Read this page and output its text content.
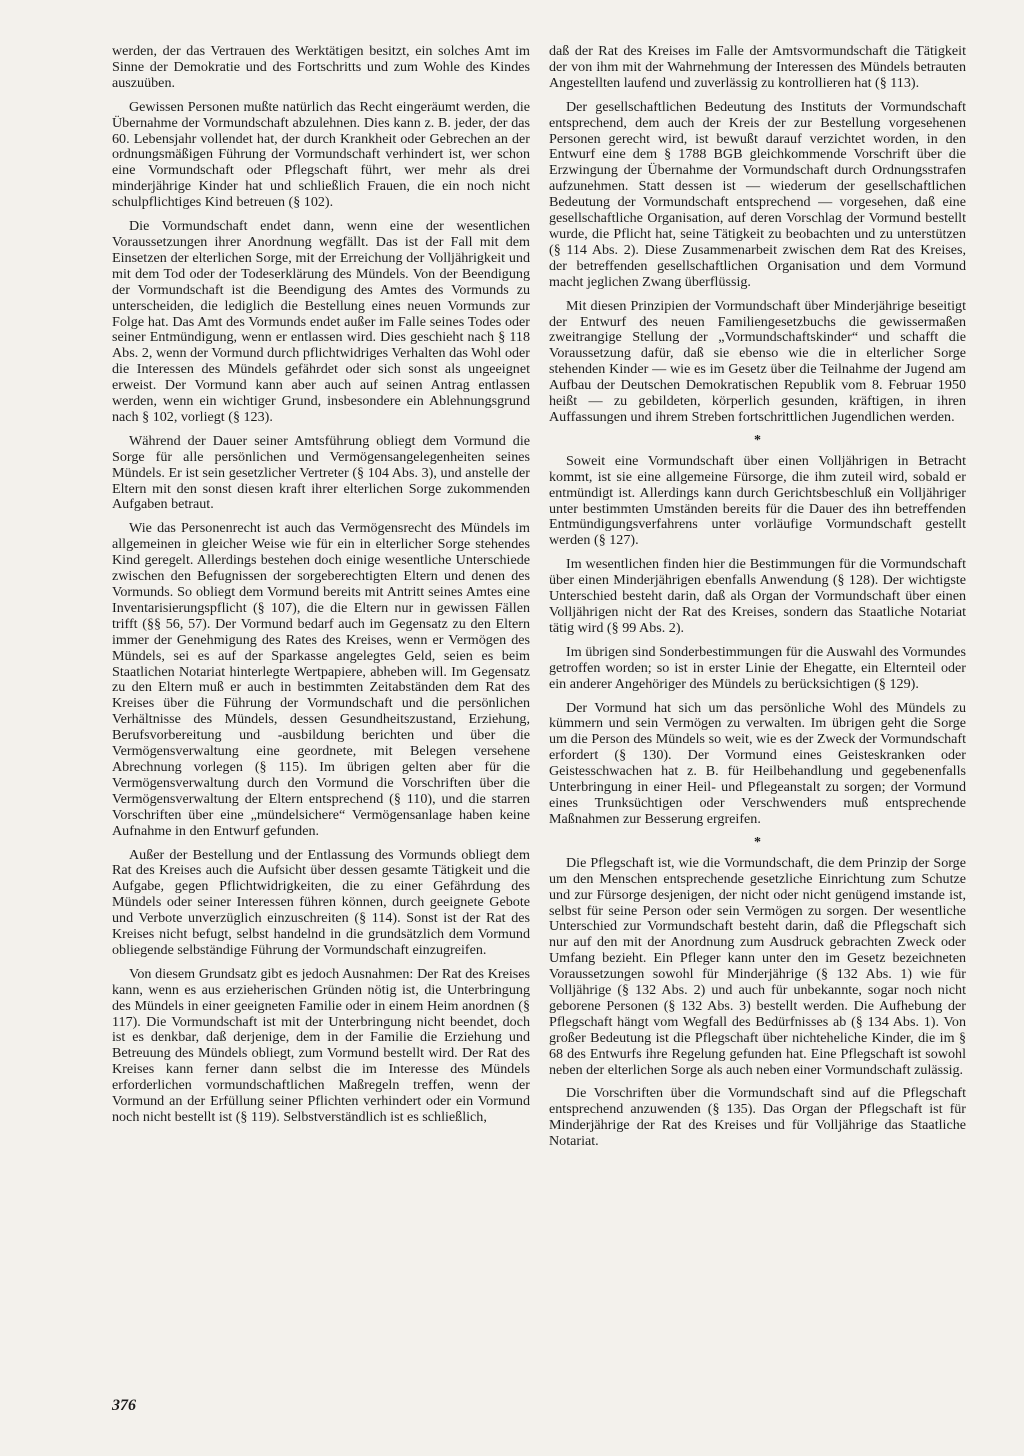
werden, der das Vertrauen des Werktätigen besitzt, ein solches Amt im Sinne der Demokratie und des Fortschritts und zum Wohle des Kindes auszuüben.

Gewissen Personen mußte natürlich das Recht eingeräumt werden, die Übernahme der Vormundschaft abzulehnen. Dies kann z. B. jeder, der das 60. Lebensjahr vollendet hat, der durch Krankheit oder Gebrechen an der ordnungsmäßigen Führung der Vormundschaft verhindert ist, wer schon eine Vormundschaft oder Pflegschaft führt, wer mehr als drei minderjährige Kinder hat und schließlich Frauen, die ein noch nicht schulpflichtiges Kind betreuen (§ 102).

Die Vormundschaft endet dann, wenn eine der wesentlichen Voraussetzungen ihrer Anordnung wegfällt. Das ist der Fall mit dem Einsetzen der elterlichen Sorge, mit der Erreichung der Volljährigkeit und mit dem Tod oder der Todeserklärung des Mündels. Von der Beendigung der Vormundschaft ist die Beendigung des Amtes des Vormunds zu unterscheiden, die lediglich die Bestellung eines neuen Vormunds zur Folge hat. Das Amt des Vormunds endet außer im Falle seines Todes oder seiner Entmündigung, wenn er entlassen wird. Dies geschieht nach § 118 Abs. 2, wenn der Vormund durch pflichtwidriges Verhalten das Wohl oder die Interessen des Mündels gefährdet oder sich sonst als ungeeignet erweist. Der Vormund kann aber auch auf seinen Antrag entlassen werden, wenn ein wichtiger Grund, insbesondere ein Ablehnungsgrund nach § 102, vorliegt (§ 123).

Während der Dauer seiner Amtsführung obliegt dem Vormund die Sorge für alle persönlichen und Vermögensangelegenheiten seines Mündels. Er ist sein gesetzlicher Vertreter (§ 104 Abs. 3), und anstelle der Eltern mit den sonst diesen kraft ihrer elterlichen Sorge zukommenden Aufgaben betraut.

Wie das Personenrecht ist auch das Vermögensrecht des Mündels im allgemeinen in gleicher Weise wie für ein in elterlicher Sorge stehendes Kind geregelt. Allerdings bestehen doch einige wesentliche Unterschiede zwischen den Befugnissen der sorgeberechtigten Eltern und denen des Vormunds. So obliegt dem Vormund bereits mit Antritt seines Amtes eine Inventarisierungspflicht (§ 107), die die Eltern nur in gewissen Fällen trifft (§§ 56, 57). Der Vormund bedarf auch im Gegensatz zu den Eltern immer der Genehmigung des Rates des Kreises, wenn er Vermögen des Mündels, sei es auf der Sparkasse angelegtes Geld, seien es beim Staatlichen Notariat hinterlegte Wertpapiere, abheben will. Im Gegensatz zu den Eltern muß er auch in bestimmten Zeitabständen dem Rat des Kreises über die Führung der Vormundschaft und die persönlichen Verhältnisse des Mündels, dessen Gesundheitszustand, Erziehung, Berufsvorbereitung und -ausbildung berichten und über die Vermögensverwaltung eine geordnete, mit Belegen versehene Abrechnung vorlegen (§ 115). Im übrigen gelten aber für die Vermögensverwaltung durch den Vormund die Vorschriften über die Vermögensverwaltung der Eltern entsprechend (§ 110), und die starren Vorschriften über eine „mündelsichere“ Vermögensanlage haben keine Aufnahme in den Entwurf gefunden.

Außer der Bestellung und der Entlassung des Vormunds obliegt dem Rat des Kreises auch die Aufsicht über dessen gesamte Tätigkeit und die Aufgabe, gegen Pflichtwidrigkeiten, die zu einer Gefährdung des Mündels oder seiner Interessen führen können, durch geeignete Gebote und Verbote unverzüglich einzuschreiten (§ 114). Sonst ist der Rat des Kreises nicht befugt, selbst handelnd in die grundsätzlich dem Vormund obliegende selbständige Führung der Vormundschaft einzugreifen.

Von diesem Grundsatz gibt es jedoch Ausnahmen: Der Rat des Kreises kann, wenn es aus erzieherischen Gründen nötig ist, die Unterbringung des Mündels in einer geeigneten Familie oder in einem Heim anordnen (§ 117). Die Vormundschaft ist mit der Unterbringung nicht beendet, doch ist es denkbar, daß derjenige, dem in der Familie die Erziehung und Betreuung des Mündels obliegt, zum Vormund bestellt wird. Der Rat des Kreises kann ferner dann selbst die im Interesse des Mündels erforderlichen vormundschaftlichen Maßregeln treffen, wenn der Vormund an der Erfüllung seiner Pflichten verhindert oder ein Vormund noch nicht bestellt ist (§ 119). Selbstverständlich ist es schließlich,

daß der Rat des Kreises im Falle der Amtsvormundschaft die Tätigkeit der von ihm mit der Wahrnehmung der Interessen des Mündels betrauten Angestellten laufend und zuverlässig zu kontrollieren hat (§ 113).

Der gesellschaftlichen Bedeutung des Instituts der Vormundschaft entsprechend, dem auch der Kreis der zur Bestellung vorgesehenen Personen gerecht wird, ist bewußt darauf verzichtet worden, in den Entwurf eine dem § 1788 BGB gleichkommende Vorschrift über die Erzwingung der Übernahme der Vormundschaft durch Ordnungsstrafen aufzunehmen. Statt dessen ist — wiederum der gesellschaftlichen Bedeutung der Vormundschaft entsprechend — vorgesehen, daß eine gesellschaftliche Organisation, auf deren Vorschlag der Vormund bestellt wurde, die Pflicht hat, seine Tätigkeit zu beobachten und zu unterstützen (§ 114 Abs. 2). Diese Zusammenarbeit zwischen dem Rat des Kreises, der betreffenden gesellschaftlichen Organisation und dem Vormund macht jeglichen Zwang überflüssig.

Mit diesen Prinzipien der Vormundschaft über Minderjährige beseitigt der Entwurf des neuen Familiengesetzbuchs die gewissermaßen zweitrangige Stellung der „Vormundschaftskinder“ und schafft die Voraussetzung dafür, daß sie ebenso wie die in elterlicher Sorge stehenden Kinder — wie es im Gesetz über die Teilnahme der Jugend am Aufbau der Deutschen Demokratischen Republik vom 8. Februar 1950 heißt — zu gebildeten, körperlich gesunden, kräftigen, in ihren Auffassungen und ihrem Streben fortschrittlichen Jugendlichen werden.

*

Soweit eine Vormundschaft über einen Volljährigen in Betracht kommt, ist sie eine allgemeine Fürsorge, die ihm zuteil wird, sobald er entmündigt ist. Allerdings kann durch Gerichtsbeschluß ein Volljähriger unter bestimmten Umständen bereits für die Dauer des ihn betreffenden Entmündigungsverfahrens unter vorläufige Vormundschaft gestellt werden (§ 127).

Im wesentlichen finden hier die Bestimmungen für die Vormundschaft über einen Minderjährigen ebenfalls Anwendung (§ 128). Der wichtigste Unterschied besteht darin, daß als Organ der Vormundschaft über einen Volljährigen nicht der Rat des Kreises, sondern das Staatliche Notariat tätig wird (§ 99 Abs. 2).

Im übrigen sind Sonderbestimmungen für die Auswahl des Vormundes getroffen worden; so ist in erster Linie der Ehegatte, ein Elternteil oder ein anderer Angehöriger des Mündels zu berücksichtigen (§ 129).

Der Vormund hat sich um das persönliche Wohl des Mündels zu kümmern und sein Vermögen zu verwalten. Im übrigen geht die Sorge um die Person des Mündels so weit, wie es der Zweck der Vormundschaft erfordert (§ 130). Der Vormund eines Geisteskranken oder Geistesschwachen hat z. B. für Heilbehandlung und gegebenenfalls Unterbringung in einer Heil- und Pflegeanstalt zu sorgen; der Vormund eines Trunksüchtigen oder Verschwenders muß entsprechende Maßnahmen zur Besserung ergreifen.

*

Die Pflegschaft ist, wie die Vormundschaft, die dem Prinzip der Sorge um den Menschen entsprechende gesetzliche Einrichtung zum Schutze und zur Fürsorge desjenigen, der nicht oder nicht genügend imstande ist, selbst für seine Person oder sein Vermögen zu sorgen. Der wesentliche Unterschied zur Vormundschaft besteht darin, daß die Pflegschaft sich nur auf den mit der Anordnung zum Ausdruck gebrachten Zweck oder Umfang bezieht. Ein Pfleger kann unter den im Gesetz bezeichneten Voraussetzungen sowohl für Minderjährige (§ 132 Abs. 1) wie für Volljährige (§ 132 Abs. 2) und auch für unbekannte, sogar noch nicht geborene Personen (§ 132 Abs. 3) bestellt werden. Die Aufhebung der Pflegschaft hängt vom Wegfall des Bedürfnisses ab (§ 134 Abs. 1). Von großer Bedeutung ist die Pflegschaft über nichteheliche Kinder, die im § 68 des Entwurfs ihre Regelung gefunden hat. Eine Pflegschaft ist sowohl neben der elterlichen Sorge als auch neben einer Vormundschaft zulässig.

Die Vorschriften über die Vormundschaft sind auf die Pflegschaft entsprechend anzuwenden (§ 135). Das Organ der Pflegschaft ist für Minderjährige der Rat des Kreises und für Volljährige das Staatliche Notariat.

376
